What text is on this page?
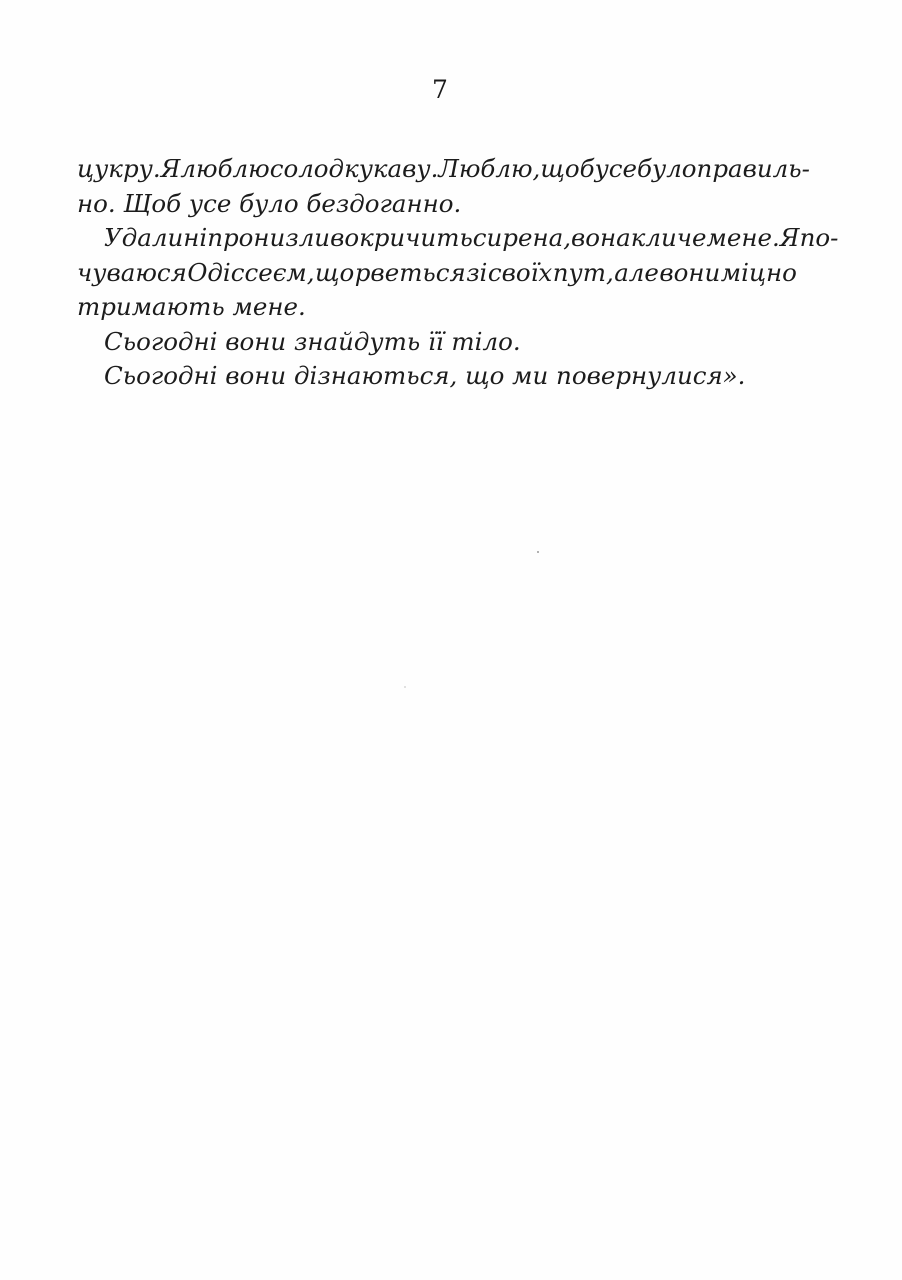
7
цукру. Я люблю солодку каву. Люблю, щоб усе було правиль-
но. Щоб усе було бездоганно.
Удалині пронизливо кричить сирена, вона кличе мене. Я по-
чуваюся Одіссеєм, що рветься зі своїх пут, але вони міцно
тримають мене.
Сьогодні вони знайдуть її тіло.
Сьогодні вони дізнаються, що ми повернулися».
